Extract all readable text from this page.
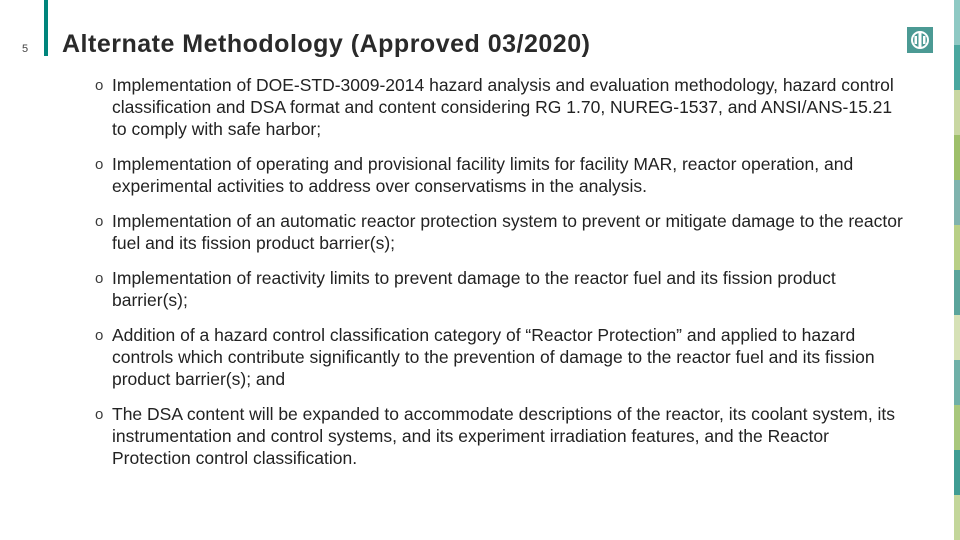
5 Alternate Methodology (Approved 03/2020)
o Implementation of DOE-STD-3009-2014 hazard analysis and evaluation methodology, hazard control classification and DSA format and content considering RG 1.70, NUREG-1537, and ANSI/ANS-15.21 to comply with safe harbor;
o Implementation of operating and provisional facility limits for facility MAR, reactor operation, and experimental activities to address over conservatisms in the analysis.
o Implementation of an automatic reactor protection system to prevent or mitigate damage to the reactor fuel and its fission product barrier(s);
o Implementation of reactivity limits to prevent damage to the reactor fuel and its fission product barrier(s);
o Addition of a hazard control classification category of “Reactor Protection” and applied to hazard controls which contribute significantly to the prevention of damage to the reactor fuel and its fission product barrier(s); and
o The DSA content will be expanded to accommodate descriptions of the reactor, its coolant system, its instrumentation and control systems, and its experiment irradiation features, and the Reactor Protection control classification.
